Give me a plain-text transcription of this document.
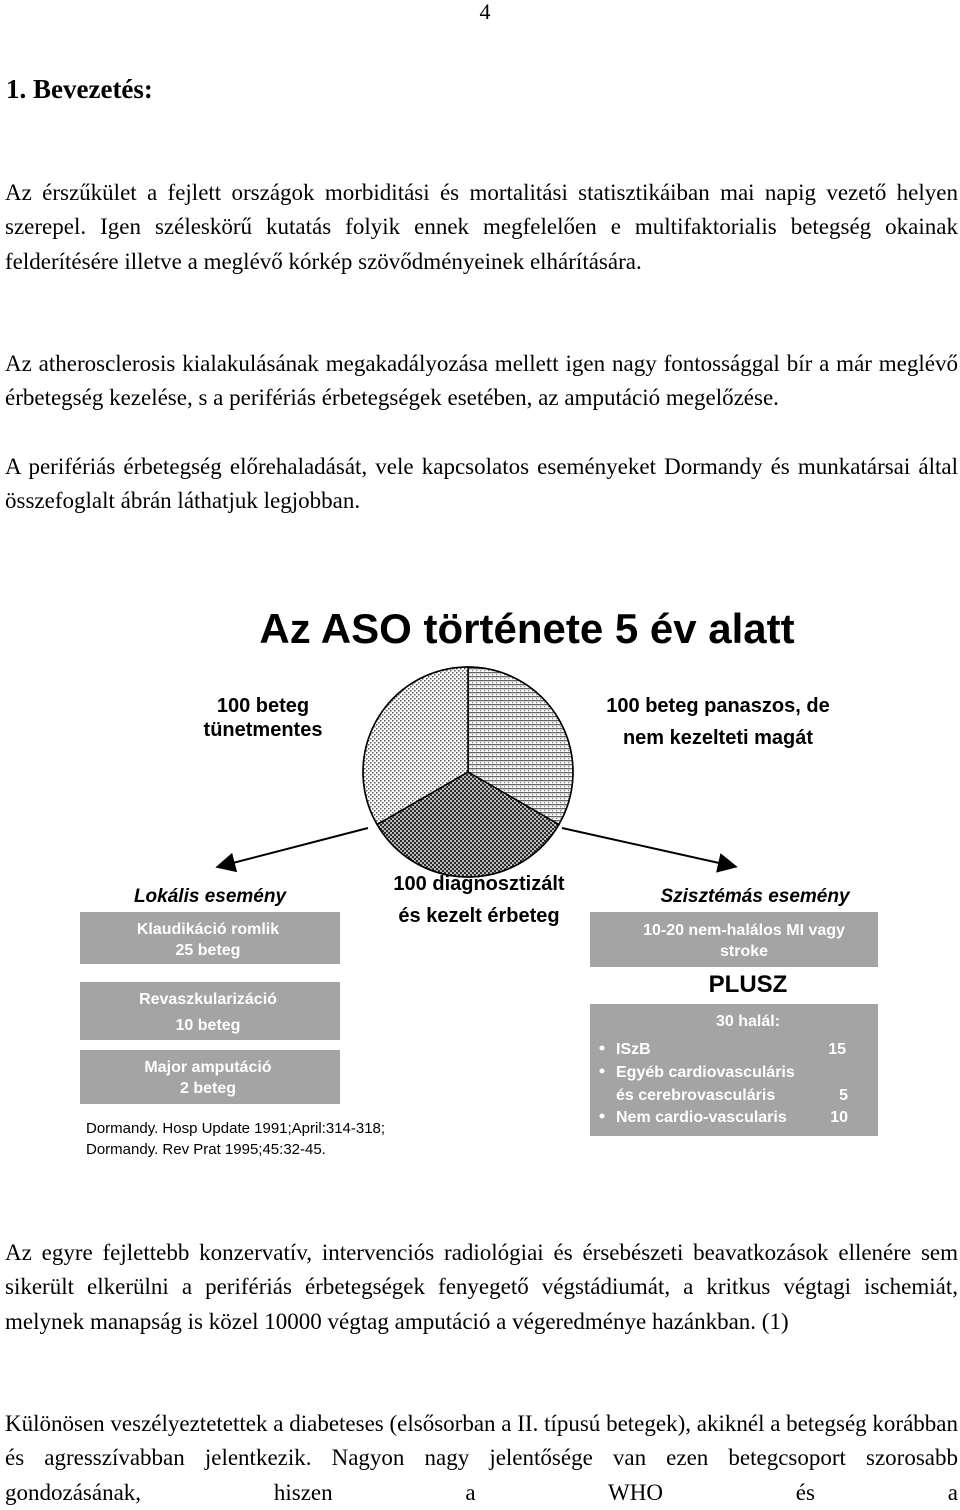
4
1. Bevezetés:

Az érszűkület a fejlett országok morbiditási és mortalitási statisztikáiban mai napig vezető helyen szerepel. Igen széleskörű kutatás folyik ennek megfelelően e multifaktorialis betegség okainak felderítésére illetve a meglévő kórkép szövődményeinek elhárítására.

Az atherosclerosis kialakulásának megakadályozása mellett igen nagy fontossággal bír a már meglévő érbetegség kezelése, s a perifériás érbetegségek esetében, az amputáció megelőzése.

A perifériás érbetegség előrehaladását, vele kapcsolatos eseményeket Dormandy és munkatársai által összefoglalt ábrán láthatjuk legjobban.

Az ASO története 5 év alatt
100 beteg
tünetmentes
100 beteg panaszos, de
nem kezelteti magát
100 diagnosztizált
és kezelt érbeteg
Lokális esemény
Klaudikáció romlik
25 beteg
Revaszkularizáció
10 beteg
Major amputáció
2 beteg
Dormandy. Hosp Update 1991;April:314-318;
Dormandy. Rev Prat 1995;45:32-45.
Szisztémás esemény
10-20 nem-halálos MI vagy
stroke
PLUSZ
30 halál:
ISzB	15
Egyéb cardiovasculáris
és cerebrovasculáris	5
Nem cardio-vascularis	10

Az egyre fejlettebb konzervatív, intervenciós radiológiai és érsebészeti beavatkozások ellenére sem sikerült elkerülni a perifériás érbetegségek fenyegető végstádiumát, a kritkus végtagi ischemiát, melynek manapság is közel 10000 végtag amputáció a végeredménye hazánkban. (1)

Különösen veszélyeztetettek a diabeteses (elsősorban a II. típusú betegek), akiknél a betegség korábban és agresszívabban jelentkezik. Nagyon nagy jelentősége van ezen betegcsoport szorosabb gondozásának, hiszen a WHO és a
